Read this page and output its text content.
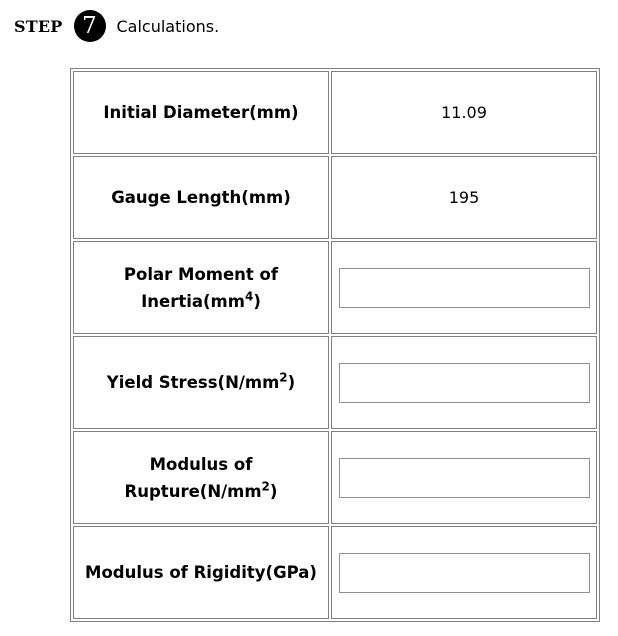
STEP 7	Calculations.
Initial Diameter(mm)	11.09
Gauge Length(mm)	195
Polar Moment of $Inertia(mm^4)$	

Yield $Stress(N/mm^2)$	

Modulus of $Rupture(N/mm^2)$	

Modulus of Rigidity(GPa)	
